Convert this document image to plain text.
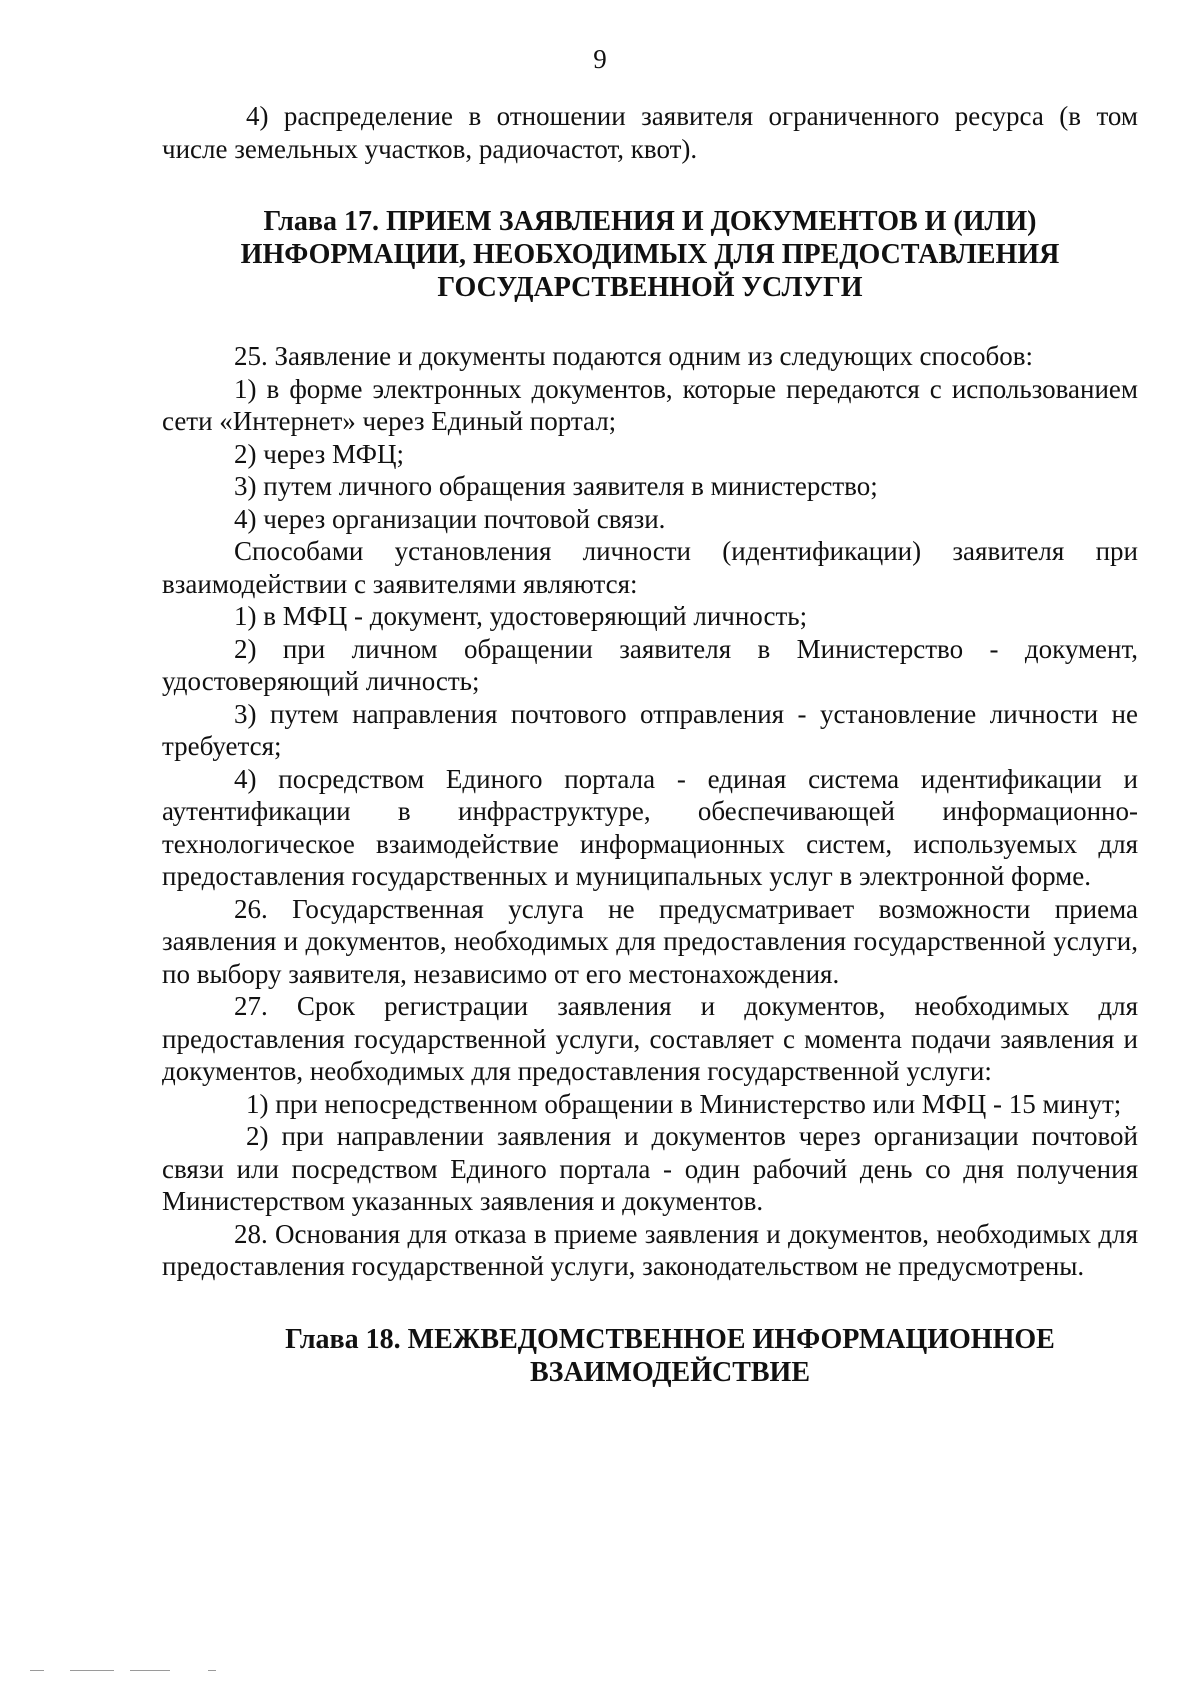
9

4) распределение в отношении заявителя ограниченного ресурса (в том числе земельных участков, радиочастот, квот).

Глава 17. ПРИЕМ ЗАЯВЛЕНИЯ И ДОКУМЕНТОВ И (ИЛИ) ИНФОРМАЦИИ, НЕОБХОДИМЫХ ДЛЯ ПРЕДОСТАВЛЕНИЯ ГОСУДАРСТВЕННОЙ УСЛУГИ

25. Заявление и документы подаются одним из следующих способов:

1) в форме электронных документов, которые передаются с использованием сети «Интернет» через Единый портал;

2) через МФЦ;

3) путем личного обращения заявителя в министерство;

4) через организации почтовой связи.

Способами установления личности (идентификации) заявителя при взаимодействии с заявителями являются:

1) в МФЦ - документ, удостоверяющий личность;

2) при личном обращении заявителя в Министерство - документ, удостоверяющий личность;

3) путем направления почтового отправления - установление личности не требуется;

4) посредством Единого портала - единая система идентификации и аутентификации в инфраструктуре, обеспечивающей информационно-технологическое взаимодействие информационных систем, используемых для предоставления государственных и муниципальных услуг в электронной форме.

26. Государственная услуга не предусматривает возможности приема заявления и документов, необходимых для предоставления государственной услуги, по выбору заявителя, независимо от его местонахождения.

27. Срок регистрации заявления и документов, необходимых для предоставления государственной услуги, составляет с момента подачи заявления и документов, необходимых для предоставления государственной услуги:

1) при непосредственном обращении в Министерство или МФЦ - 15 минут;

2) при направлении заявления и документов через организации почтовой связи или посредством Единого портала - один рабочий день со дня получения Министерством указанных заявления и документов.

28. Основания для отказа в приеме заявления и документов, необходимых для предоставления государственной услуги, законодательством не предусмотрены.

Глава 18. МЕЖВЕДОМСТВЕННОЕ ИНФОРМАЦИОННОЕ ВЗАИМОДЕЙСТВИЕ
